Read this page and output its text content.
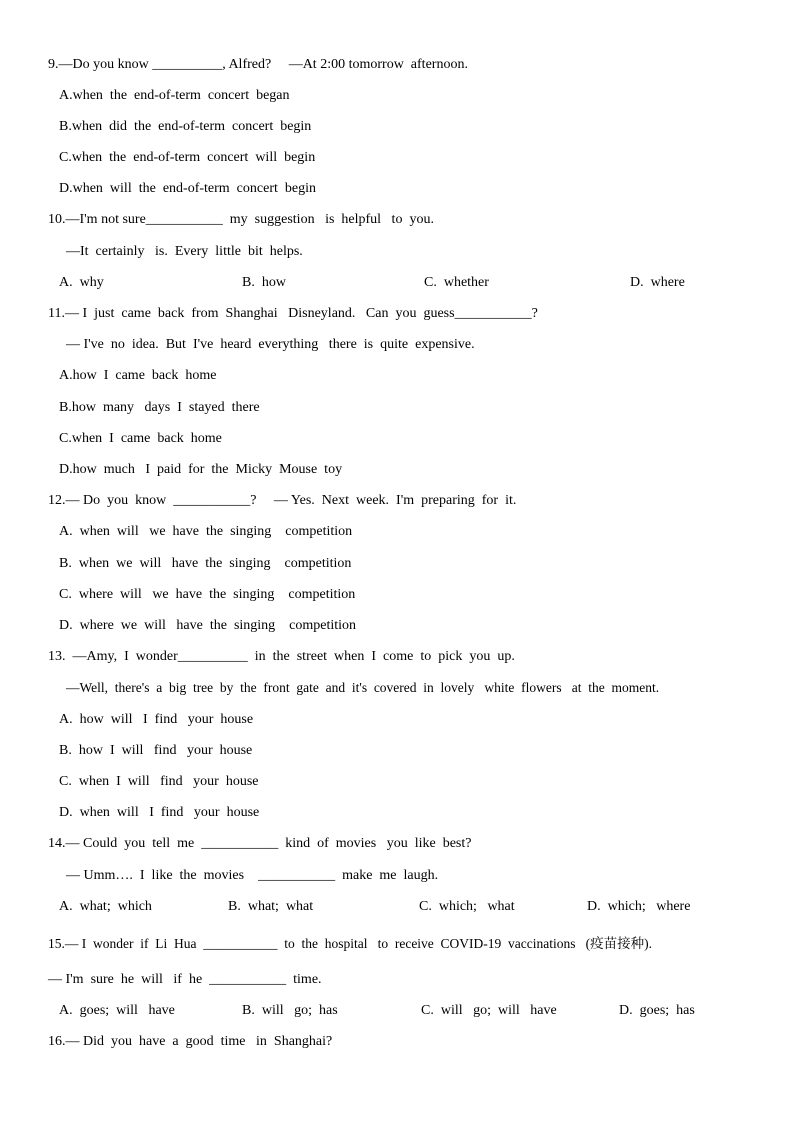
9.—Do you know __________, Alfred?     —At 2:00 tomorrow  afternoon.
A.when  the  end-of-term  concert  began
B.when  did  the  end-of-term  concert  begin
C.when  the  end-of-term  concert  will  begin
D.when  will  the  end-of-term  concert  begin
10.—I'm not sure___________  my  suggestion   is  helpful   to  you.
—It  certainly   is.  Every  little  bit  helps.
A.  why	B.  how	C.  whether	D.  where
11.— I  just  came  back  from  Shanghai   Disneyland.   Can  you  guess___________?
— I've  no  idea.  But  I've  heard  everything   there  is  quite  expensive.
A.how  I  came  back  home
B.how  many   days  I  stayed  there
C.when  I  came  back  home
D.how  much   I  paid  for  the  Micky  Mouse  toy
12.— Do  you  know  ___________?     — Yes.  Next  week.  I'm  preparing  for  it.
A.  when  will   we  have  the  singing    competition
B.  when  we  will   have  the  singing    competition
C.  where  will   we  have  the  singing    competition
D.  where  we  will   have  the  singing    competition
13.  —Amy,  I  wonder__________  in  the  street  when  I  come  to  pick  you  up.
—Well,  there's  a  big  tree  by  the  front  gate  and  it's  covered  in  lovely   white  flowers   at  the  moment.
A.  how  will   I  find   your  house
B.  how  I  will   find   your  house
C.  when  I  will   find   your  house
D.  when  will   I  find   your  house
14.— Could  you  tell  me  ___________  kind  of  movies   you  like  best?
— Umm….  I  like  the  movies    ___________  make  me  laugh.
A.  what;  which	B.  what;  what	C.  which;   what	D.  which;   where
15.— I  wonder  if  Li  Hua  ___________  to  the  hospital   to  receive  COVID-19  vaccinations   (疫苗接种).
— I'm  sure  he  will   if  he  ___________  time.
A.  goes;  will   have	B.  will   go;  has	C.  will   go;  will   have	D.  goes;  has
16.— Did  you  have  a  good  time   in  Shanghai?
